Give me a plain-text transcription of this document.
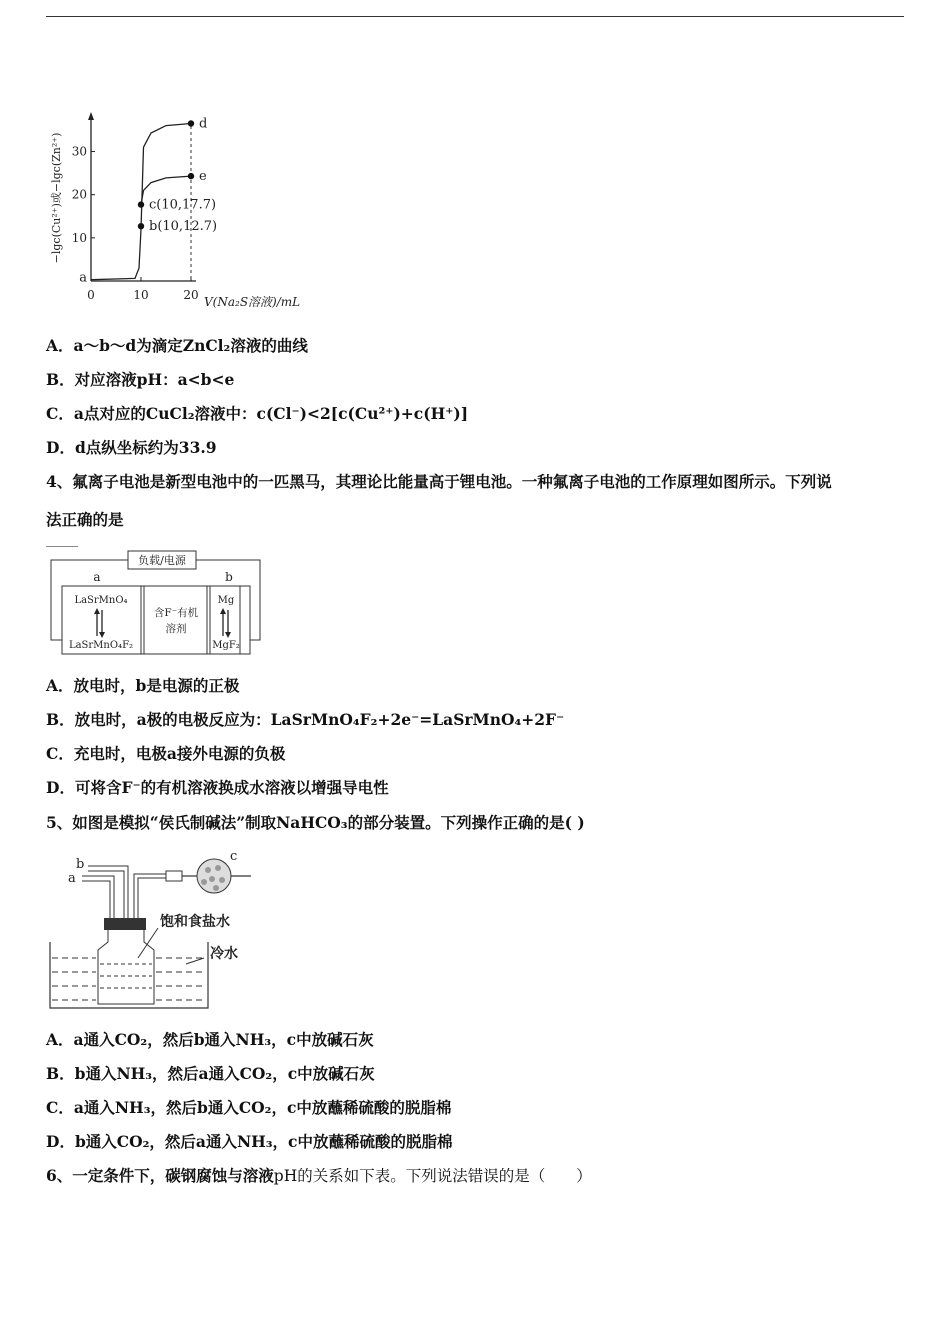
−lgc(Cu²⁺)或−lgc(Zn²⁺)
V(Na₂S溶液)/mL
10
20
30
0	10	20
a
b(10,12.7)
c(10,17.7)
d
e
A．a～b～d为滴定ZnCl₂溶液的曲线
B．对应溶液pH：a<b<e
C．a点对应的CuCl₂溶液中：c(Cl⁻)<2[c(Cu²⁺)+c(H⁺)]
D．d点纵坐标约为33.9
4、氟离子电池是新型电池中的一匹黑马，其理论比能量高于锂电池。一种氟离子电池的工作原理如图所示。下列说
法正确的是
负载/电源
a	b
LaSrMnO₄
LaSrMnO₄F₂
含F⁻有机
溶剂
Mg
MgF₂
A．放电时，b是电源的正极
B．放电时，a极的电极反应为：LaSrMnO₄F₂+2e⁻=LaSrMnO₄+2F⁻
C．充电时，电极a接外电源的负极
D．可将含F⁻的有机溶液换成水溶液以增强导电性
5、如图是模拟“侯氏制碱法”制取NaHCO₃的部分装置。下列操作正确的是( )
a
b
c
饱和食盐水
冷水
A．a通入CO₂，然后b通入NH₃，c中放碱石灰
B．b通入NH₃，然后a通入CO₂，c中放碱石灰
C．a通入NH₃，然后b通入CO₂，c中放蘸稀硫酸的脱脂棉
D．b通入CO₂，然后a通入NH₃，c中放蘸稀硫酸的脱脂棉
6、一定条件下，碳钢腐蚀与溶液pH的关系如下表。下列说法错误的是（　　）
